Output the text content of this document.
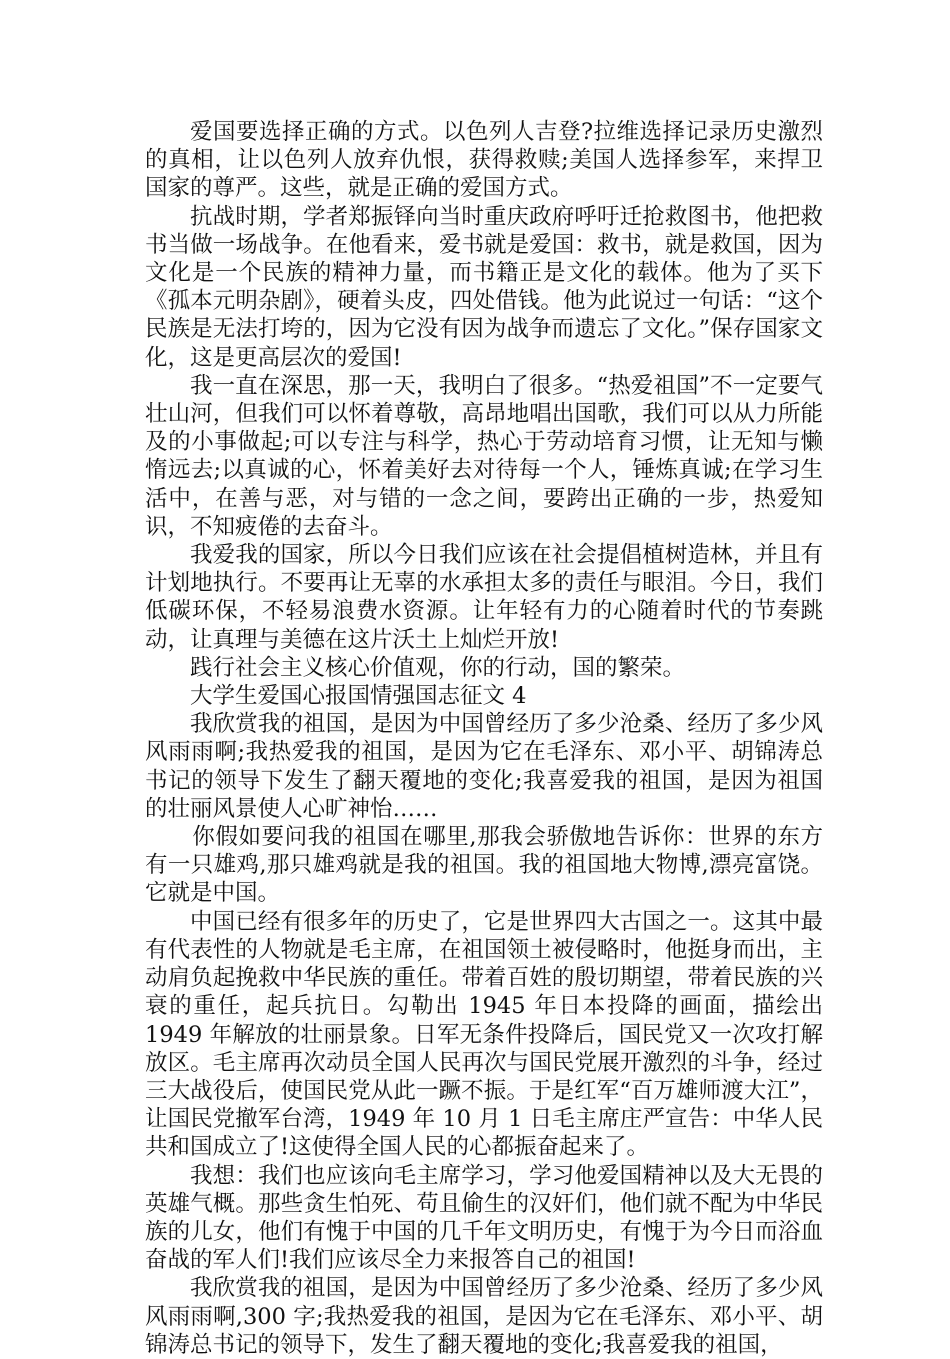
爱国要选择正确的方式。以色列人吉登?拉维选择记录历史激烈的真相，让以色列人放弃仇恨，获得救赎;美国人选择参军，来捍卫国家的尊严。这些，就是正确的爱国方式。

抗战时期，学者郑振铎向当时重庆政府呼吁迁抢救图书，他把救书当做一场战争。在他看来，爱书就是爱国：救书，就是救国，因为文化是一个民族的精神力量，而书籍正是文化的载体。他为了买下《孤本元明杂剧》，硬着头皮，四处借钱。他为此说过一句话：“这个民族是无法打垮的，因为它没有因为战争而遗忘了文化。”保存国家文化，这是更高层次的爱国!

我一直在深思，那一天，我明白了很多。“热爱祖国”不一定要气壮山河，但我们可以怀着尊敬，高昂地唱出国歌，我们可以从力所能及的小事做起;可以专注与科学，热心于劳动培育习惯，让无知与懒惰远去;以真诚的心，怀着美好去对待每一个人，锤炼真诚;在学习生活中，在善与恶，对与错的一念之间，要跨出正确的一步，热爱知识，不知疲倦的去奋斗。

我爱我的国家，所以今日我们应该在社会提倡植树造林，并且有计划地执行。不要再让无辜的水承担太多的责任与眼泪。今日，我们低碳环保，不轻易浪费水资源。让年轻有力的心随着时代的节奏跳动，让真理与美德在这片沃土上灿烂开放!

践行社会主义核心价值观，你的行动，国的繁荣。

大学生爱国心报国情强国志征文 4

我欣赏我的祖国，是因为中国曾经历了多少沧桑、经历了多少风风雨雨啊;我热爱我的祖国，是因为它在毛泽东、邓小平、胡锦涛总书记的领导下发生了翻天覆地的变化;我喜爱我的祖国，是因为祖国的壮丽风景使人心旷神怡……

你假如要问我的祖国在哪里,那我会骄傲地告诉你：世界的东方有一只雄鸡,那只雄鸡就是我的祖国。我的祖国地大物博,漂亮富饶。它就是中国。

中国已经有很多年的历史了，它是世界四大古国之一。这其中最有代表性的人物就是毛主席，在祖国领土被侵略时，他挺身而出，主动肩负起挽救中华民族的重任。带着百姓的殷切期望，带着民族的兴衰的重任，起兵抗日。勾勒出 1945 年日本投降的画面，描绘出 1949 年解放的壮丽景象。日军无条件投降后，国民党又一次攻打解放区。毛主席再次动员全国人民再次与国民党展开激烈的斗争，经过三大战役后，使国民党从此一蹶不振。于是红军“百万雄师渡大江”，让国民党撤军台湾，1949 年 10 月 1 日毛主席庄严宣告：中华人民共和国成立了!这使得全国人民的心都振奋起来了。

我想：我们也应该向毛主席学习，学习他爱国精神以及大无畏的英雄气概。那些贪生怕死、苟且偷生的汉奸们，他们就不配为中华民族的儿女，他们有愧于中国的几千年文明历史，有愧于为今日而浴血奋战的军人们!我们应该尽全力来报答自己的祖国!

我欣赏我的祖国，是因为中国曾经历了多少沧桑、经历了多少风风雨雨啊,300 字;我热爱我的祖国，是因为它在毛泽东、邓小平、胡锦涛总书记的领导下，发生了翻天覆地的变化;我喜爱我的祖国，
